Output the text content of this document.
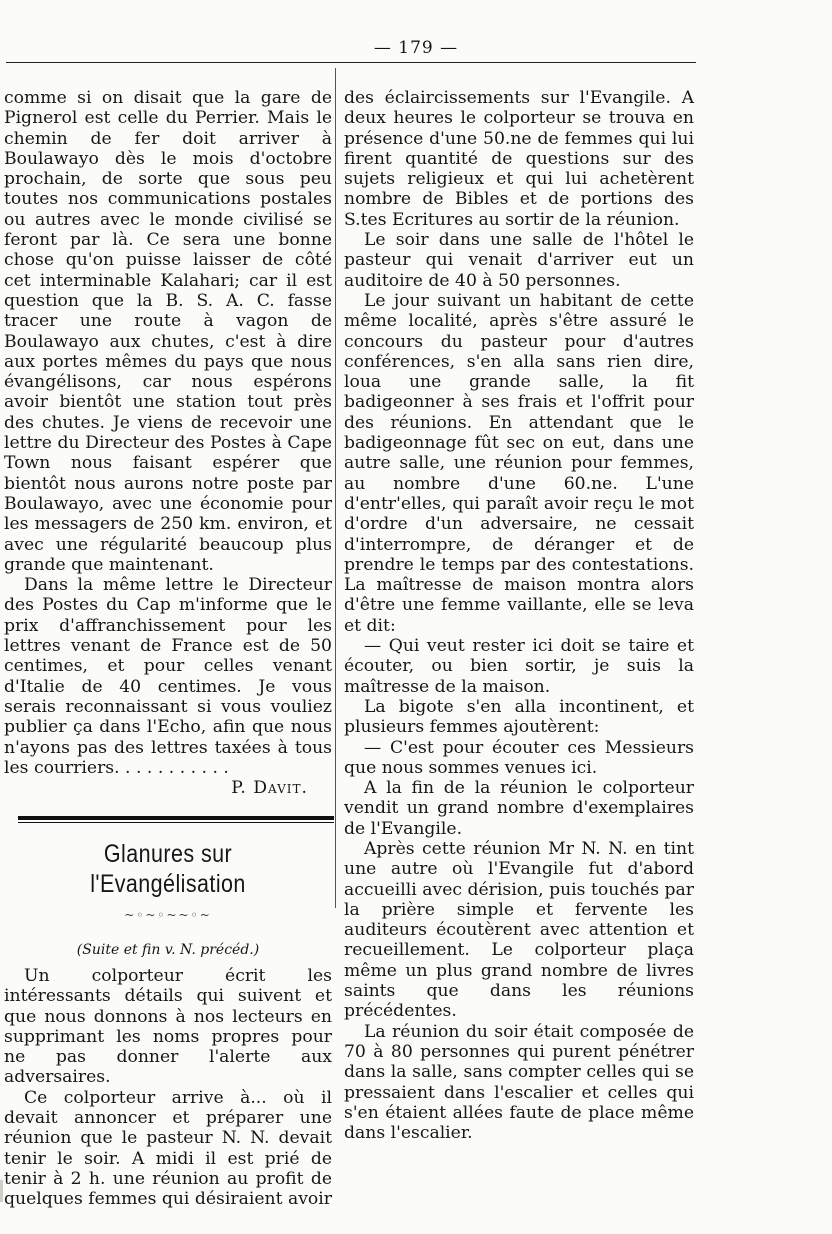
— 179 —

comme si on disait que la gare de Pignerol est celle du Perrier. Mais le chemin de fer doit arriver à Boulawayo dès le mois d'octobre prochain, de sorte que sous peu toutes nos communications postales ou autres avec le monde civilisé se feront par là. Ce sera une bonne chose qu'on puisse laisser de côté cet interminable Kalahari; car il est question que la B. S. A. C. fasse tracer une route à vagon de Boulawayo aux chutes, c'est à dire aux portes mêmes du pays que nous évangélisons, car nous espérons avoir bientôt une station tout près des chutes. Je viens de recevoir une lettre du Directeur des Postes à Cape Town nous faisant espérer que bientôt nous aurons notre poste par Boulawayo, avec une économie pour les messagers de 250 km. environ, et avec une régularité beaucoup plus grande que maintenant.

Dans la même lettre le Directeur des Postes du Cap m'informe que le prix d'affranchissement pour les lettres venant de France est de 50 centimes, et pour celles venant d'Italie de 40 centimes. Je vous serais reconnaissant si vous vouliez publier ça dans l'Echo, afin que nous n'ayons pas des lettres taxées à tous les courriers. . . . . . . . . . .

P. Davit.

Glanures sur l'Evangélisation
~◦~◦~~◦~
(Suite et fin v. N. précéd.)

Un colporteur écrit les intéressants détails qui suivent et que nous donnons à nos lecteurs en supprimant les noms propres pour ne pas donner l'alerte aux adversaires.

Ce colporteur arrive à... où il devait annoncer et préparer une réunion que le pasteur N. N. devait tenir le soir. A midi il est prié de tenir à 2 h. une réunion au profit de quelques femmes qui désiraient avoir

des éclaircissements sur l'Evangile. A deux heures le colporteur se trouva en présence d'une 50.ne de femmes qui lui firent quantité de questions sur des sujets religieux et qui lui achetèrent nombre de Bibles et de portions des S.tes Ecritures au sortir de la réunion.

Le soir dans une salle de l'hôtel le pasteur qui venait d'arriver eut un auditoire de 40 à 50 personnes.

Le jour suivant un habitant de cette même localité, après s'être assuré le concours du pasteur pour d'autres conférences, s'en alla sans rien dire, loua une grande salle, la fit badigeonner à ses frais et l'offrit pour des réunions. En attendant que le badigeonnage fût sec on eut, dans une autre salle, une réunion pour femmes, au nombre d'une 60.ne. L'une d'entr'elles, qui paraît avoir reçu le mot d'ordre d'un adversaire, ne cessait d'interrompre, de déranger et de prendre le temps par des contestations. La maîtresse de maison montra alors d'être une femme vaillante, elle se leva et dit:

— Qui veut rester ici doit se taire et écouter, ou bien sortir, je suis la maîtresse de la maison.

La bigote s'en alla incontinent, et plusieurs femmes ajoutèrent:

— C'est pour écouter ces Messieurs que nous sommes venues ici.

A la fin de la réunion le colporteur vendit un grand nombre d'exemplaires de l'Evangile.

Après cette réunion Mr N. N. en tint une autre où l'Evangile fut d'abord accueilli avec dérision, puis touchés par la prière simple et fervente les auditeurs écoutèrent avec attention et recueillement. Le colporteur plaça même un plus grand nombre de livres saints que dans les réunions précédentes.

La réunion du soir était composée de 70 à 80 personnes qui purent pénétrer dans la salle, sans compter celles qui se pressaient dans l'escalier et celles qui s'en étaient allées faute de place même dans l'escalier.
